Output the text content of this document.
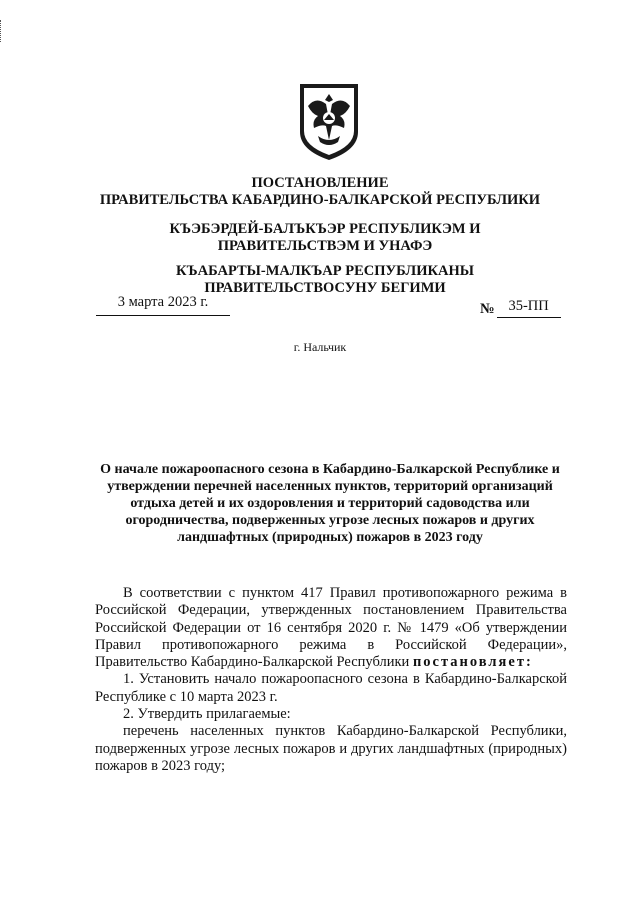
ПОСТАНОВЛЕНИЕ
ПРАВИТЕЛЬСТВА КАБАРДИНО-БАЛКАРСКОЙ РЕСПУБЛИКИ
КЪЭБЭРДЕЙ-БАЛЪКЪЭР РЕСПУБЛИКЭМ И ПРАВИТЕЛЬСТВЭМ И УНАФЭ
КЪАБАРТЫ-МАЛКЪАР РЕСПУБЛИКАНЫ ПРАВИТЕЛЬСТВОСУНУ БЕГИМИ
3 марта 2023 г.	№ 35-ПП
г. Нальчик
О начале пожароопасного сезона в Кабардино-Балкарской Республике и утверждении перечней населенных пунктов, территорий организаций отдыха детей и их оздоровления и территорий садоводства или огородничества, подверженных угрозе лесных пожаров и других ландшафтных (природных) пожаров в 2023 году

В соответствии с пунктом 417 Правил противопожарного режима в Российской Федерации, утвержденных постановлением Правительства Российской Федерации от 16 сентября 2020 г. № 1479 «Об утверждении Правил противопожарного режима в Российской Федерации», Правительство Кабардино-Балкарской Республики постановляет:

1. Установить начало пожароопасного сезона в Кабардино-Балкарской Республике с 10 марта 2023 г.

2. Утвердить прилагаемые:

перечень населенных пунктов Кабардино-Балкарской Республики, подверженных угрозе лесных пожаров и других ландшафтных (природных) пожаров в 2023 году;
